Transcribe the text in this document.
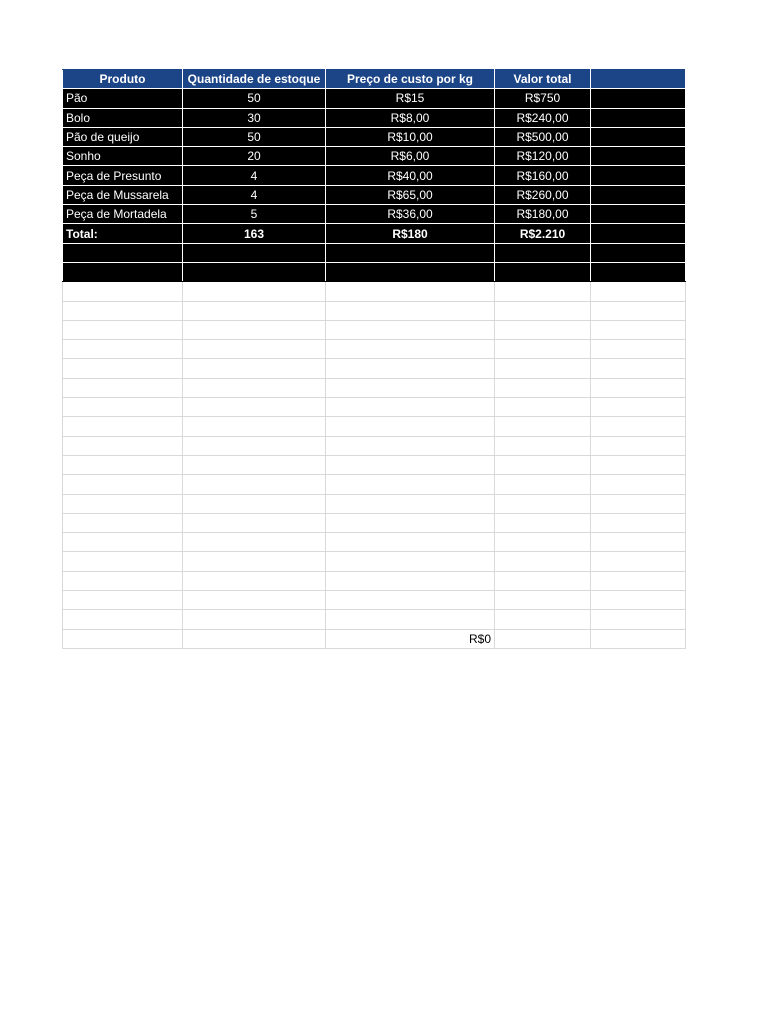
Produto	Quantidade de estoque	Preço de custo por kg	Valor total	
Pão	50	R$15	R$750	
Bolo	30	R$8,00	R$240,00	
Pão de queijo	50	R$10,00	R$500,00	
Sonho	20	R$6,00	R$120,00	
Peça de Presunto	4	R$40,00	R$160,00	
Peça de Mussarela	4	R$65,00	R$260,00	
Peça de Mortadela	5	R$36,00	R$180,00	
Total:	163	R$180	R$2.210	

		R$0		
